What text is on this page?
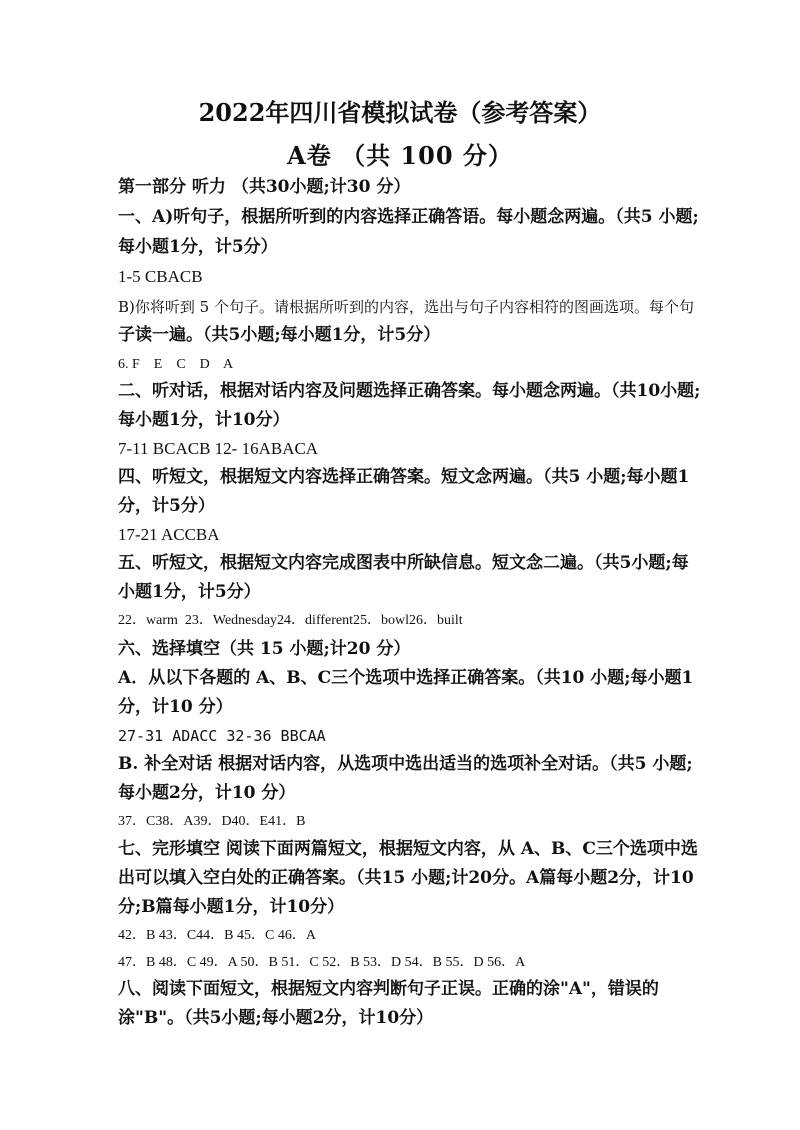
2022年四川省模拟试卷（参考答案）
A卷 （共 100 分）
第一部分 听力 （共30小题;计30 分）
一、A)听句子，根据所听到的内容选择正确答语。每小题念两遍。（共5 小题;
每小题1分，计5分）
1-5 CBACB
B)你将听到 5 个句子。请根据所听到的内容，选出与句子内容相符的图画选项。每个句
子读一遍。（共5小题;每小题1分，计5分）
6. F    E    C    D    A
二、听对话，根据对话内容及问题选择正确答案。每小题念两遍。（共10小题;
每小题1分，计10分）
7-11 BCACB 12- 16ABACA
四、听短文，根据短文内容选择正确答案。短文念两遍。（共5 小题;每小题1
分，计5分）
17-21 ACCBA
五、听短文，根据短文内容完成图表中所缺信息。短文念二遍。（共5小题;每
小题1分，计5分）
22．warm  23．Wednesday24．different25．bowl26．built
六、选择填空（共 15 小题;计20 分）
A．从以下各题的 A、B、C三个选项中选择正确答案。（共10 小题;每小题1
分，计10 分）
27-31 ADACC 32-36 BBCAA
B. 补全对话 根据对话内容，从选项中选出适当的选项补全对话。（共5 小题;
每小题2分，计10 分）
37．C38．A39．D40．E41．B
七、完形填空 阅读下面两篇短文，根据短文内容，从 A、B、C三个选项中选
出可以填入空白处的正确答案。（共15 小题;计20分。A篇每小题2分，计10
分;B篇每小题1分，计10分）
42．B 43．C44．B 45．C 46．A
47．B 48．C 49．A 50．B 51．C 52．B 53．D 54．B 55．D 56．A
八、阅读下面短文，根据短文内容判断句子正误。正确的涂"A"，错误的
涂"B"。（共5小题;每小题2分，计10分）
